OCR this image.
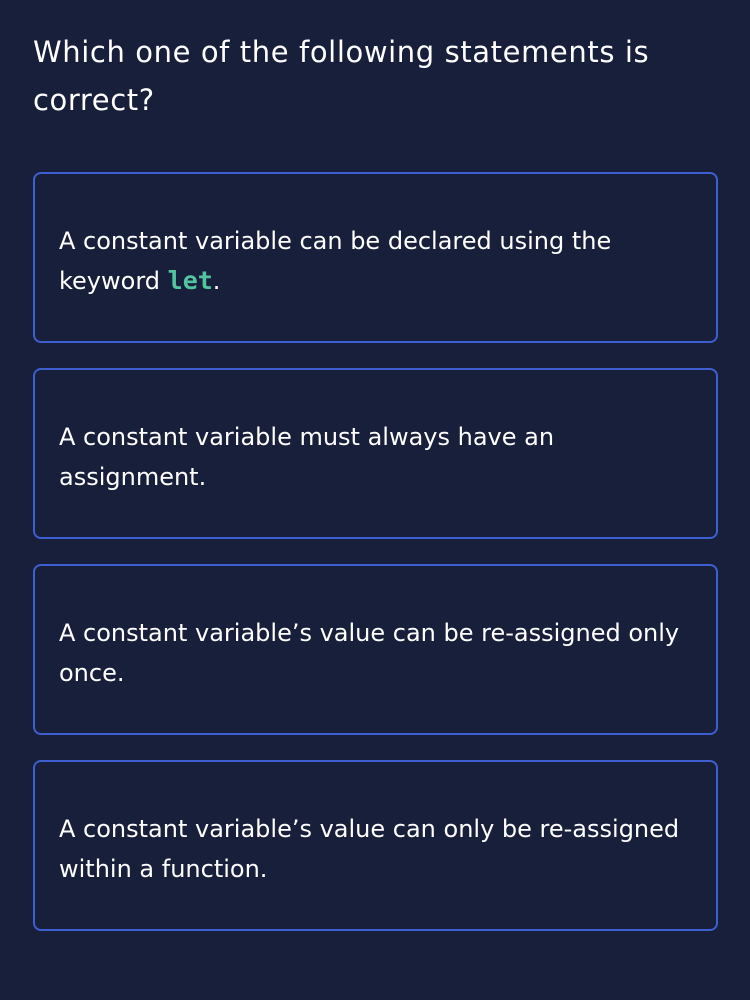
Which one of the following statements is correct?
A constant variable can be declared using the keyword let.
A constant variable must always have an assignment.
A constant variable’s value can be re-assigned only once.
A constant variable’s value can only be re-assigned within a function.
